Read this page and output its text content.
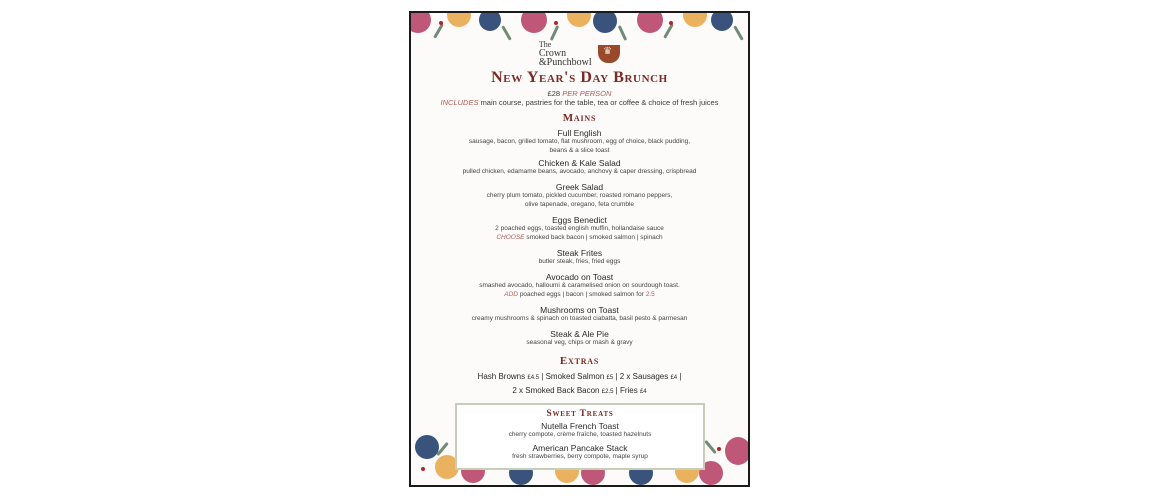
The
Crown
&Punchbowl ♛
New Year's Day Brunch
£28 PER PERSON
INCLUDES main course, pastries for the table, tea or coffee & choice of fresh juices
Mains
Full English
sausage, bacon, grilled tomato, flat mushroom, egg of choice, black pudding,
beans & a slice toast
Chicken & Kale Salad
pulled chicken, edamame beans, avocado, anchovy & caper dressing, crispbread
Greek Salad
cherry plum tomato, pickled cucumber, roasted romano peppers,
olive tapenade, oregano, feta crumble
Eggs Benedict
2 poached eggs, toasted english muffin, hollandaise sauce
CHOOSE smoked back bacon | smoked salmon | spinach
Steak Frites
butler steak, fries, fried eggs
Avocado on Toast
smashed avocado, halloumi & caramelised onion on sourdough toast.
ADD poached eggs | bacon | smoked salmon for 2.5
Mushrooms on Toast
creamy mushrooms & spinach on toasted ciabatta, basil pesto & parmesan
Steak & Ale Pie
seasonal veg, chips or mash & gravy
Extras
Hash Browns £4.5 | Smoked Salmon £5 | 2 x Sausages £4 |
2 x Smoked Back Bacon £2.5 | Fries £4
Sweet Treats
Nutella French Toast
cherry compote, crème fraîche, toasted hazelnuts
American Pancake Stack
fresh strawberries, berry compote, maple syrup
